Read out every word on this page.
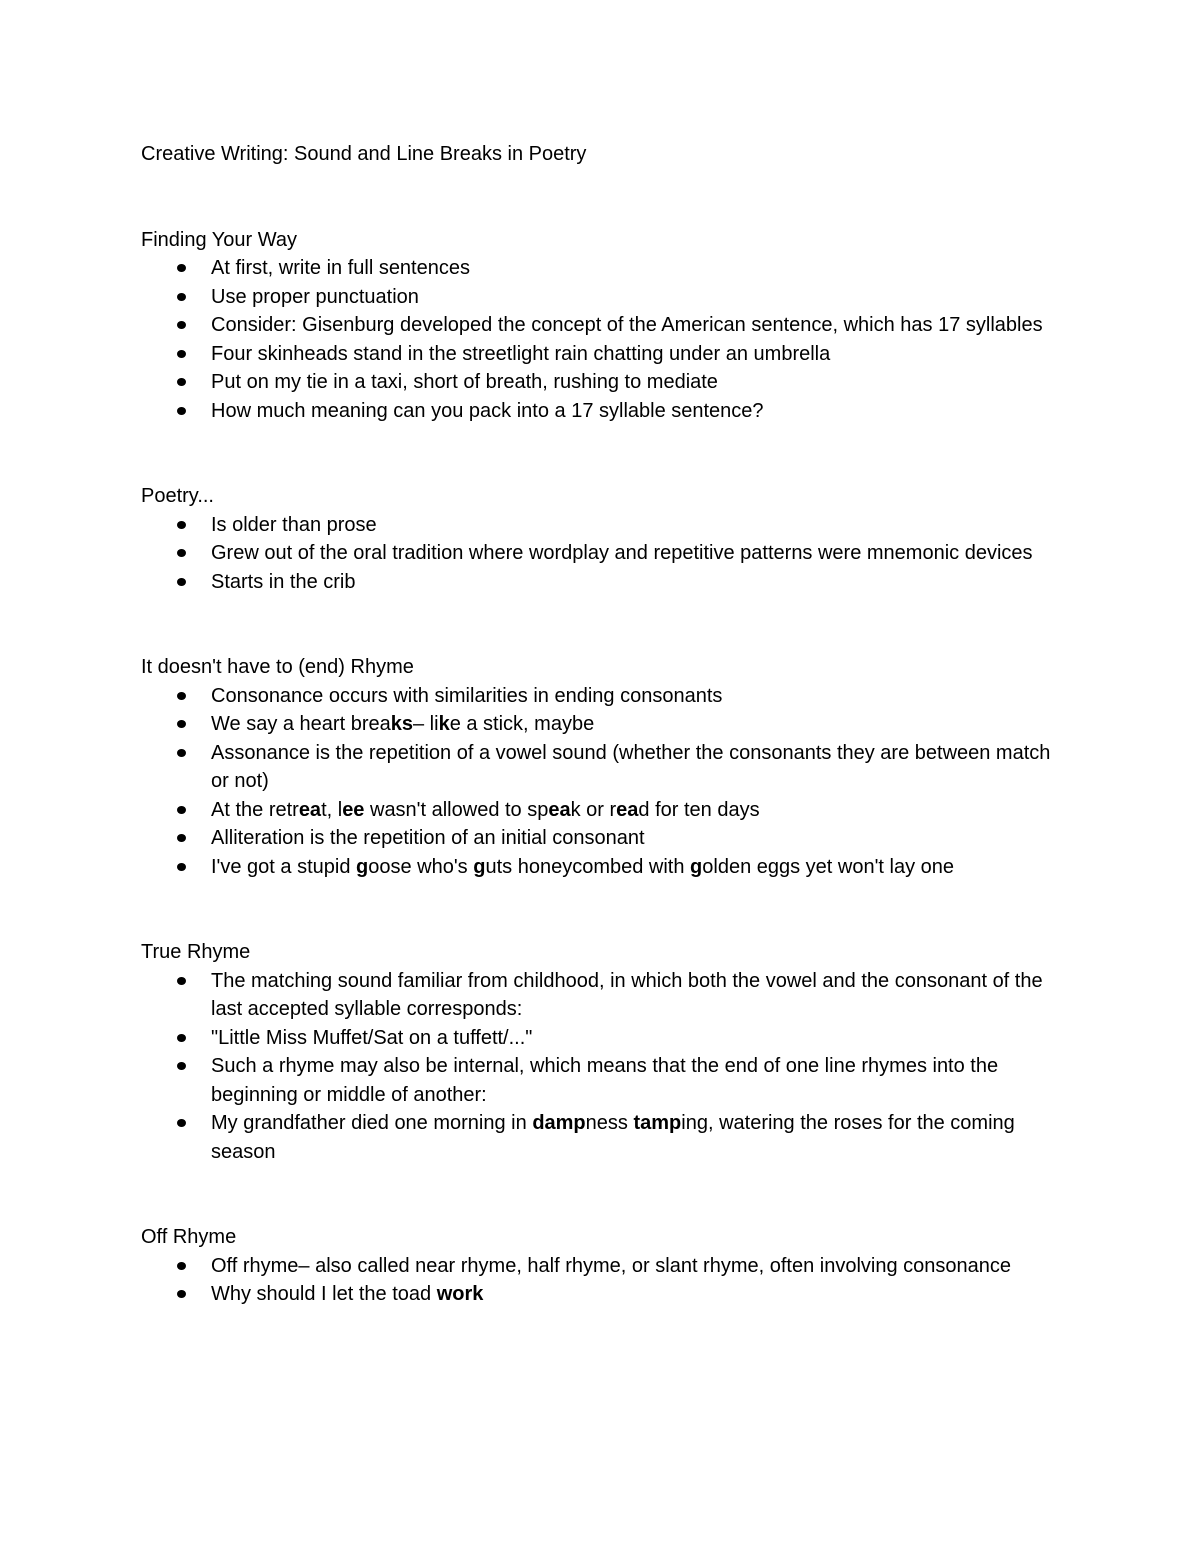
Creative Writing: Sound and Line Breaks in Poetry

Finding Your Way

At first, write in full sentences
Use proper punctuation
Consider: Gisenburg developed the concept of the American sentence, which has 17 syllables
Four skinheads stand in the streetlight rain chatting under an umbrella
Put on my tie in a taxi, short of breath, rushing to mediate
How much meaning can you pack into a 17 syllable sentence?

Poetry...

Is older than prose
Grew out of the oral tradition where wordplay and repetitive patterns were mnemonic devices
Starts in the crib

It doesn't have to (end) Rhyme

Consonance occurs with similarities in ending consonants
We say a heart breaks– like a stick, maybe
Assonance is the repetition of a vowel sound (whether the consonants they are between match or not)
At the retreat, lee wasn't allowed to speak or read for ten days
Alliteration is the repetition of an initial consonant
I've got a stupid goose who's guts honeycombed with golden eggs yet won't lay one

True Rhyme

The matching sound familiar from childhood, in which both the vowel and the consonant of the last accepted syllable corresponds:
"Little Miss Muffet/Sat on a tuffett/..."
Such a rhyme may also be internal, which means that the end of one line rhymes into the beginning or middle of another:
My grandfather died one morning in dampness tamping, watering the roses for the coming season

Off Rhyme

Off rhyme– also called near rhyme, half rhyme, or slant rhyme, often involving consonance
Why should I let the toad work
